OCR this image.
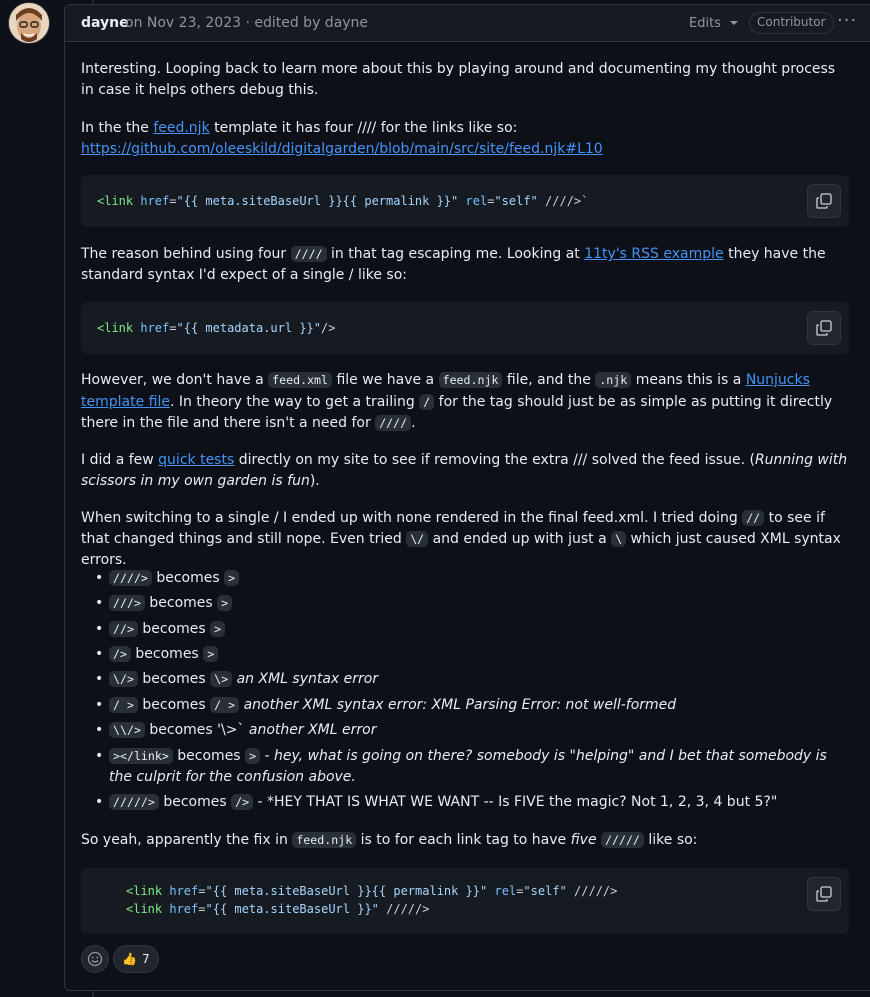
dayne
on Nov 23, 2023 · edited by dayne	Edits	Contributor ···
Interesting. Looping back to learn more about this by playing around and documenting my thought process in case it helps others debug this.
In the the feed.njk template it has four //// for the links like so: https://github.com/oleeskild/digitalgarden/blob/main/src/site/feed.njk#L10
<link href="{{ meta.siteBaseUrl }}{{ permalink }}" rel="self" ////>`
The reason behind using four //// in that tag escaping me. Looking at 11ty's RSS example they have the standard syntax I'd expect of a single / like so:
<link href="{{ metadata.url }}"/>
However, we don't have a feed.xml file we have a feed.njk file, and the .njk means this is a Nunjucks template file. In theory the way to get a trailing / for the tag should just be as simple as putting it directly there in the file and there isn't a need for //// .
I did a few quick tests directly on my site to see if removing the extra /// solved the feed issue. (Running with scissors in my own garden is fun).
When switching to a single / I ended up with none rendered in the final feed.xml. I tried doing // to see if that changed things and still nope. Even tried \/ and ended up with just a \ which just caused XML syntax errors.
• ////> becomes >
• ///> becomes >
• //> becomes >
• /> becomes >
• \/> becomes \> an XML syntax error
• / > becomes / > another XML syntax error: XML Parsing Error: not well-formed
• \\/> becomes '\>` another XML error
• ></link> becomes > - hey, what is going on there? somebody is "helping" and I bet that somebody is the culprit for the confusion above.
• /////> becomes /> - *HEY THAT IS WHAT WE WANT -- Is FIVE the magic? Not 1, 2, 3, 4 but 5?"
So yeah, apparently the fix in feed.njk is to for each link tag to have five ///// like so:
<link href="{{ meta.siteBaseUrl }}{{ permalink }}" rel="self" /////>
<link href="{{ meta.siteBaseUrl }}" /////>
👍 7
